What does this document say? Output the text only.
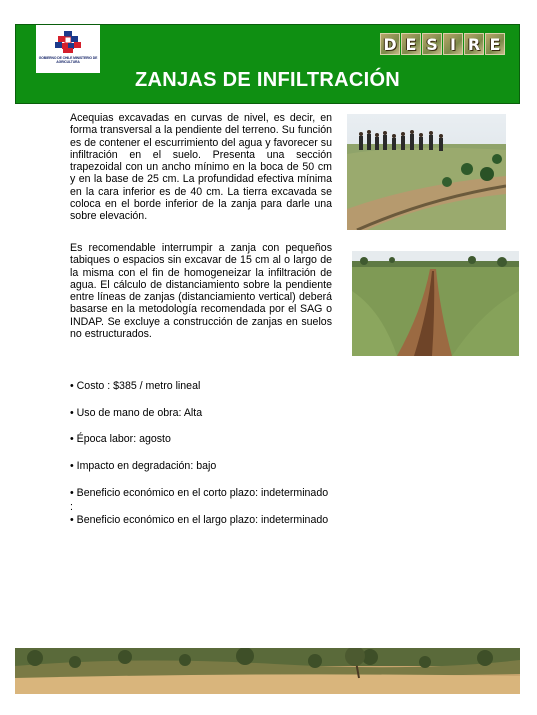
GOBIERNO DE CHILE MINISTERIO DE AGRICULTURA
D E S I R E
ZANJAS DE INFILTRACIÓN

Acequias excavadas en curvas de nivel, es decir, en forma transversal a la pendiente del terreno. Su función es de contener el escurrimiento del agua y favorecer su infiltración en el suelo. Presenta una sección trapezoidal con un ancho mínimo en la boca de 50 cm y en la base de 25 cm. La profundidad efectiva mínima en la cara inferior es de 40 cm. La tierra excavada se coloca en el borde inferior de la zanja para darle una sobre elevación.

Es recomendable interrumpir a zanja con pequeños tabiques o espacios sin excavar de 15 cm al o largo de la misma con el fin de homogeneizar la infiltración de agua. El cálculo de distanciamiento sobre la pendiente entre líneas de zanjas (distanciamiento vertical) deberá basarse en la metodología recomendada por el SAG o INDAP. Se excluye a construcción de zanjas en suelos no estructurados.

• Costo : $385 / metro lineal
• Uso de mano de obra: Alta
• Época labor: agosto
• Impacto en degradación: bajo
• Beneficio económico en el corto plazo: indeterminado
:
• Beneficio económico en el largo plazo: indeterminado
